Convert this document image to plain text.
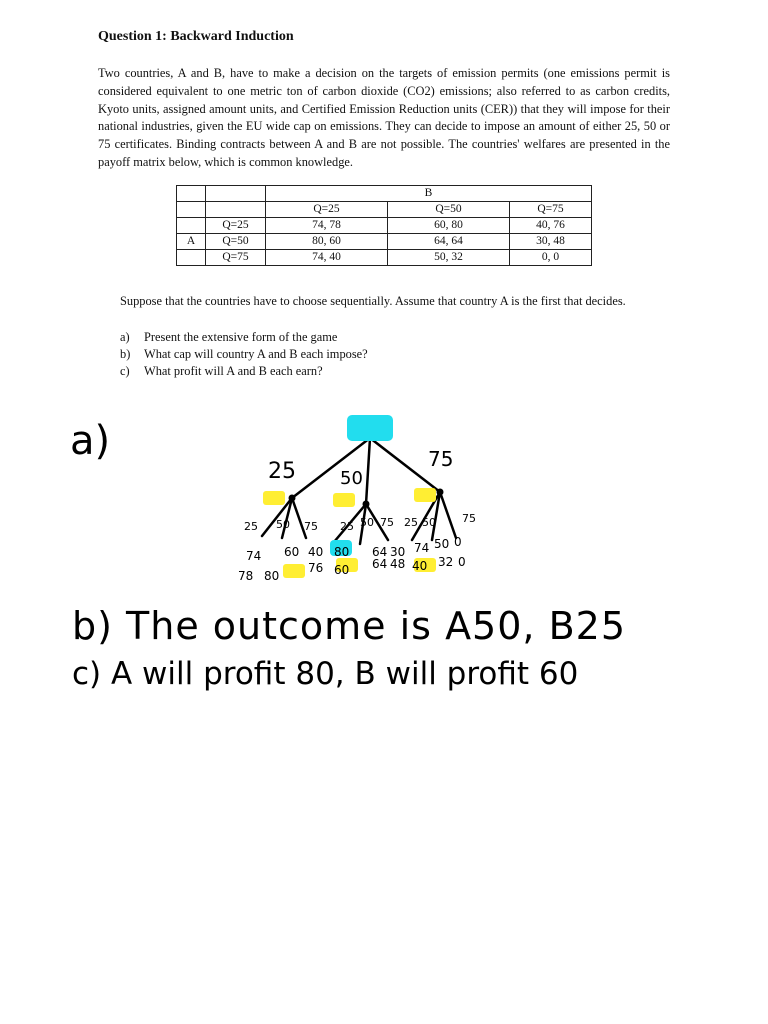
Question 1: Backward Induction

Two countries, A and B, have to make a decision on the targets of emission permits (one emissions permit is considered equivalent to one metric ton of carbon dioxide (CO2) emissions; also referred to as carbon credits, Kyoto units, assigned amount units, and Certified Emission Reduction units (CER)) that they will impose for their national industries, given the EU wide cap on emissions. They can decide to impose an amount of either 25, 50 or 75 certificates. Binding contracts between A and B are not possible. The countries' welfares are presented in the payoff matrix below, which is common knowledge.

		B		
		Q=25	Q=50	Q=75
	Q=25	74, 78	60, 80	40, 76
A	Q=50	80, 60	64, 64	30, 48
	Q=75	74, 40	50, 32	0, 0

Suppose that the countries have to choose sequentially. Assume that country A is the first that decides.

a) Present the extensive form of the game
b) What cap will country A and B each impose?
c) What profit will A and B each earn?
a)
25 50
75
25 50 75 25 50 75 25 50 75
74 60 40 80 64 30 74 50 0
78 80
76 60 64 48 40 32 0
b) The outcome is A50, B25
c) A will profit 80, B will profit 60
